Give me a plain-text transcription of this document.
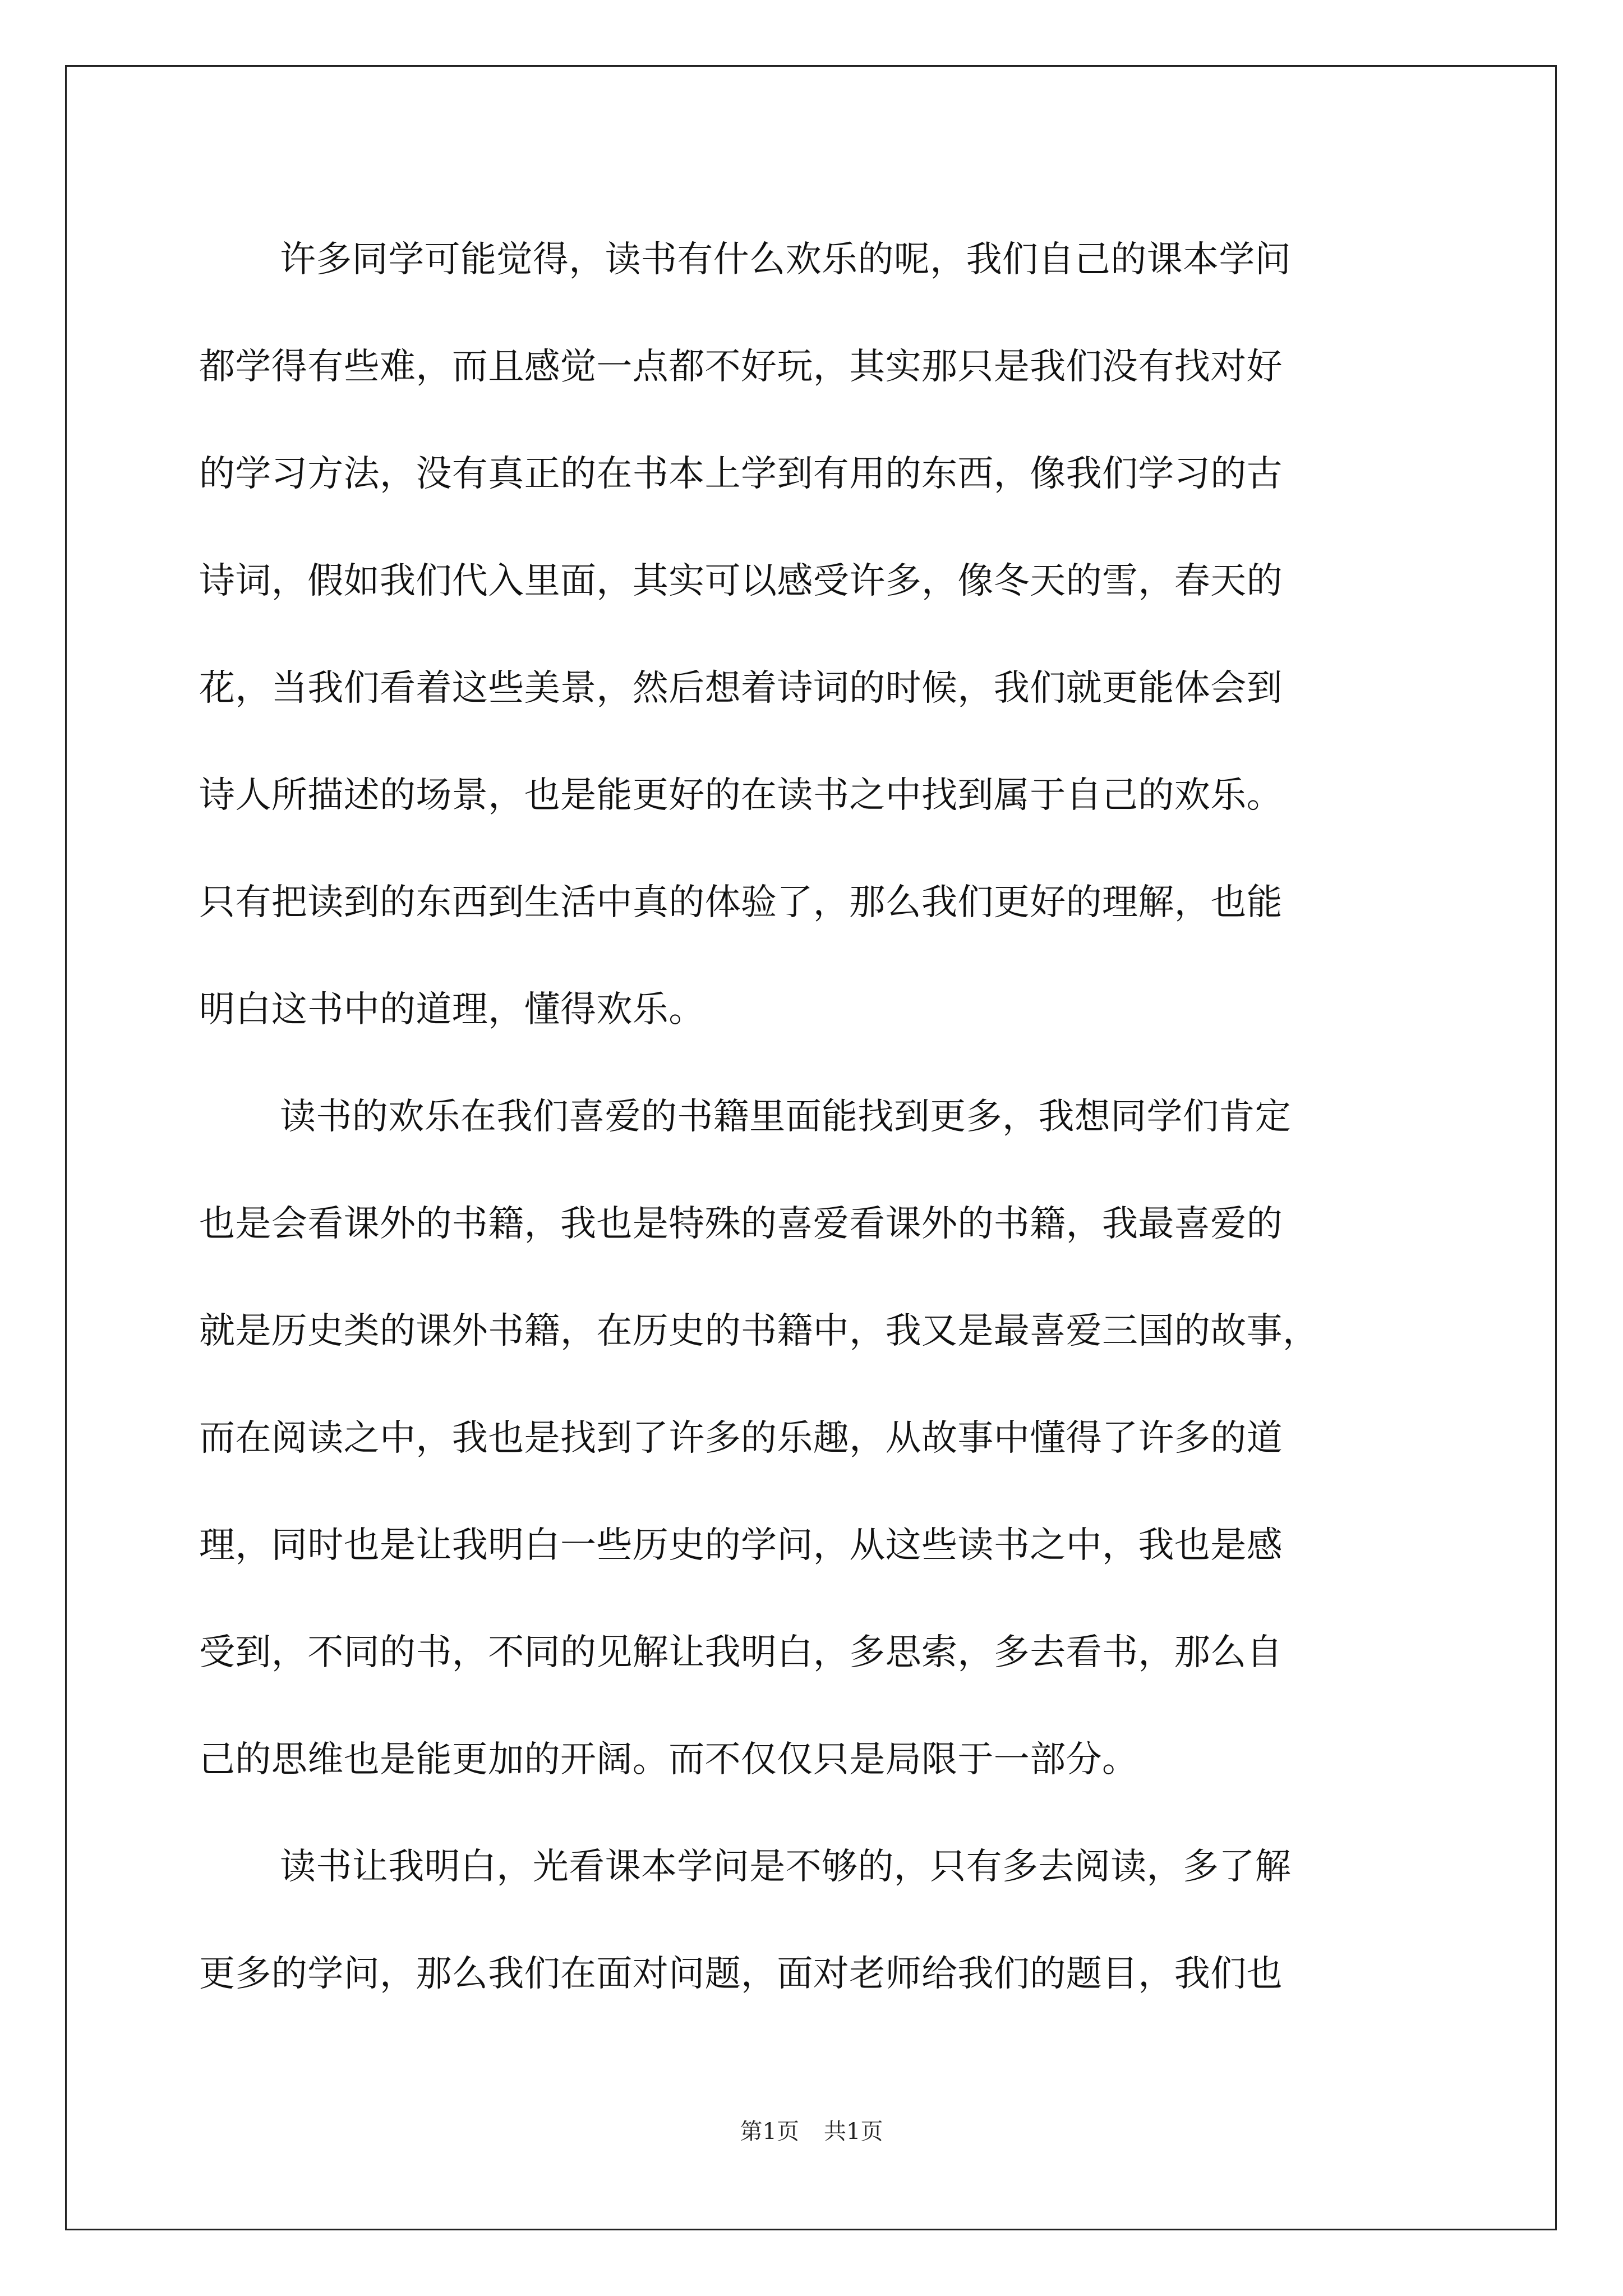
许多同学可能觉得，读书有什么欢乐的呢，我们自己的课本学问
都学得有些难，而且感觉一点都不好玩，其实那只是我们没有找对好
的学习方法，没有真正的在书本上学到有用的东西，像我们学习的古
诗词，假如我们代入里面，其实可以感受许多，像冬天的雪，春天的
花，当我们看着这些美景，然后想着诗词的时候，我们就更能体会到
诗人所描述的场景，也是能更好的在读书之中找到属于自己的欢乐。
只有把读到的东西到生活中真的体验了，那么我们更好的理解，也能
明白这书中的道理，懂得欢乐。
读书的欢乐在我们喜爱的书籍里面能找到更多，我想同学们肯定
也是会看课外的书籍，我也是特殊的喜爱看课外的书籍，我最喜爱的
就是历史类的课外书籍，在历史的书籍中，我又是最喜爱三国的故事，
而在阅读之中，我也是找到了许多的乐趣，从故事中懂得了许多的道
理，同时也是让我明白一些历史的学问，从这些读书之中，我也是感
受到，不同的书，不同的见解让我明白，多思索，多去看书，那么自
己的思维也是能更加的开阔。而不仅仅只是局限于一部分。
读书让我明白，光看课本学问是不够的，只有多去阅读，多了解
更多的学问，那么我们在面对问题，面对老师给我们的题目，我们也
第1页 共1页
